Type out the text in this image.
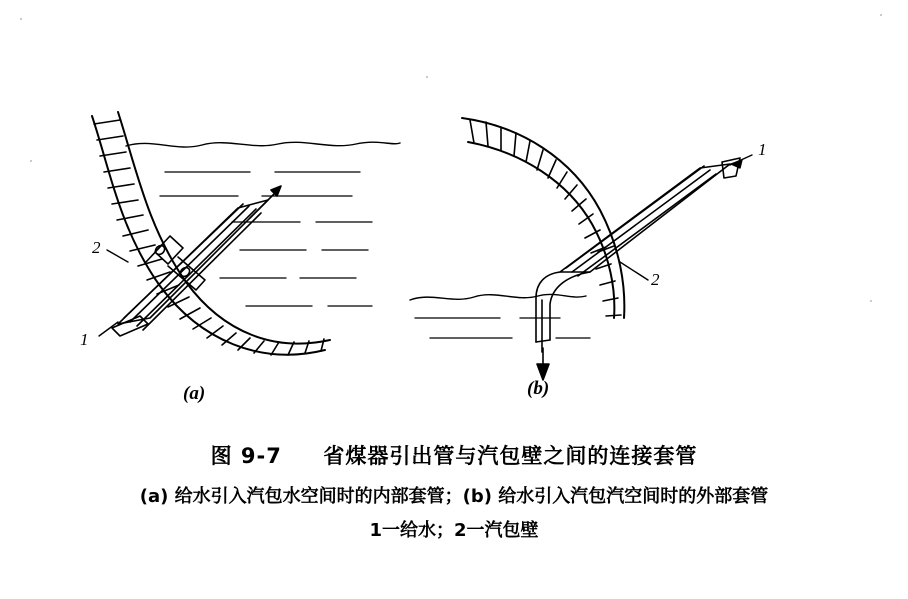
1
2
1
2
(a)	(b)
图 9-7 省煤器引出管与汽包壁之间的连接套管
(a) 给水引入汽包水空间时的内部套管；(b) 给水引入汽包汽空间时的外部套管
1一给水；2一汽包壁
